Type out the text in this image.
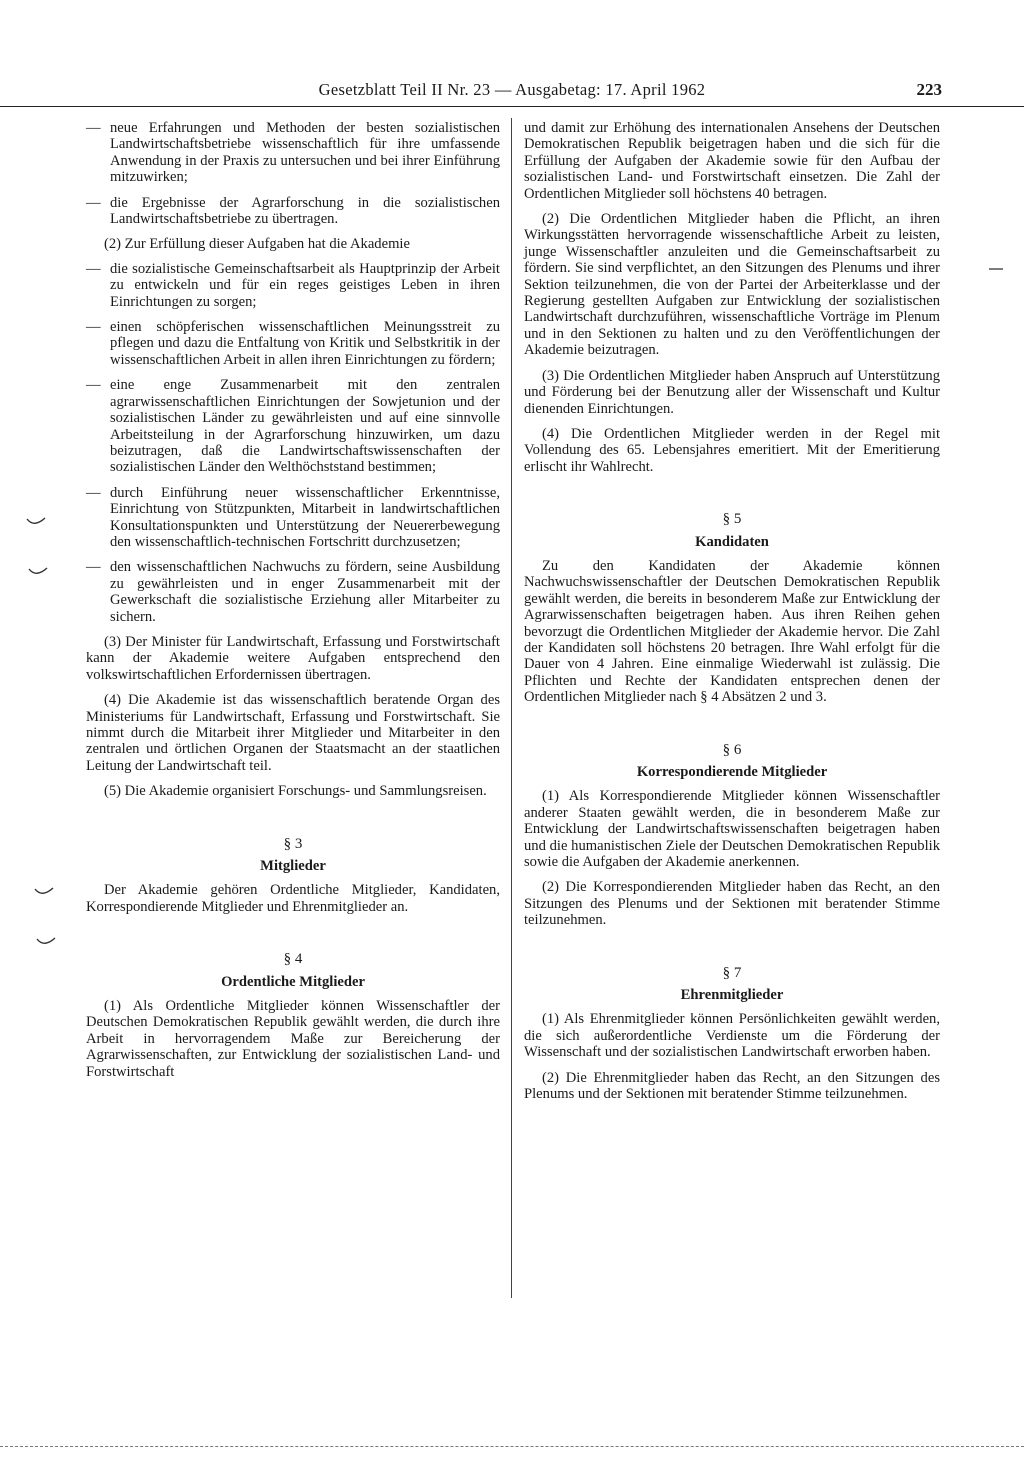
Gesetzblatt Teil II Nr. 23 — Ausgabetag: 17. April 1962	223
— neue Erfahrungen und Methoden der besten sozialistischen Landwirtschaftsbetriebe wissenschaftlich für ihre umfassende Anwendung in der Praxis zu untersuchen und bei ihrer Einführung mitzuwirken;
— die Ergebnisse der Agrarforschung in die sozialistischen Landwirtschaftsbetriebe zu übertragen.

(2) Zur Erfüllung dieser Aufgaben hat die Akademie

— die sozialistische Gemeinschaftsarbeit als Hauptprinzip der Arbeit zu entwickeln und für ein reges geistiges Leben in ihren Einrichtungen zu sorgen;
— einen schöpferischen wissenschaftlichen Meinungsstreit zu pflegen und dazu die Entfaltung von Kritik und Selbstkritik in der wissenschaftlichen Arbeit in allen ihren Einrichtungen zu fördern;
— eine enge Zusammenarbeit mit den zentralen agrarwissenschaftlichen Einrichtungen der Sowjetunion und der sozialistischen Länder zu gewährleisten und auf eine sinnvolle Arbeitsteilung in der Agrarforschung hinzuwirken, um dazu beizutragen, daß die Landwirtschaftswissenschaften der sozialistischen Länder den Welthöchststand bestimmen;
— durch Einführung neuer wissenschaftlicher Erkenntnisse, Einrichtung von Stützpunkten, Mitarbeit in landwirtschaftlichen Konsultationspunkten und Unterstützung der Neuererbewegung den wissenschaftlich-technischen Fortschritt durchzusetzen;
— den wissenschaftlichen Nachwuchs zu fördern, seine Ausbildung zu gewährleisten und in enger Zusammenarbeit mit der Gewerkschaft die sozialistische Erziehung aller Mitarbeiter zu sichern.

(3) Der Minister für Landwirtschaft, Erfassung und Forstwirtschaft kann der Akademie weitere Aufgaben entsprechend den volkswirtschaftlichen Erfordernissen übertragen.

(4) Die Akademie ist das wissenschaftlich beratende Organ des Ministeriums für Landwirtschaft, Erfassung und Forstwirtschaft. Sie nimmt durch die Mitarbeit ihrer Mitglieder und Mitarbeiter in den zentralen und örtlichen Organen der Staatsmacht an der staatlichen Leitung der Landwirtschaft teil.

(5) Die Akademie organisiert Forschungs- und Sammlungsreisen.

§ 3
Mitglieder

Der Akademie gehören Ordentliche Mitglieder, Kandidaten, Korrespondierende Mitglieder und Ehrenmitglieder an.

§ 4
Ordentliche Mitglieder

(1) Als Ordentliche Mitglieder können Wissenschaftler der Deutschen Demokratischen Republik gewählt werden, die durch ihre Arbeit in hervorragendem Maße zur Bereicherung der Agrarwissenschaften, zur Entwicklung der sozialistischen Land- und Forstwirtschaft

und damit zur Erhöhung des internationalen Ansehens der Deutschen Demokratischen Republik beigetragen haben und die sich für die Erfüllung der Aufgaben der Akademie sowie für den Aufbau der sozialistischen Land- und Forstwirtschaft einsetzen. Die Zahl der Ordentlichen Mitglieder soll höchstens 40 betragen.

(2) Die Ordentlichen Mitglieder haben die Pflicht, an ihren Wirkungsstätten hervorragende wissenschaftliche Arbeit zu leisten, junge Wissenschaftler anzuleiten und die Gemeinschaftsarbeit zu fördern. Sie sind verpflichtet, an den Sitzungen des Plenums und ihrer Sektion teilzunehmen, die von der Partei der Arbeiterklasse und der Regierung gestellten Aufgaben zur Entwicklung der sozialistischen Landwirtschaft durchzuführen, wissenschaftliche Vorträge im Plenum und in den Sektionen zu halten und zu den Veröffentlichungen der Akademie beizutragen.

(3) Die Ordentlichen Mitglieder haben Anspruch auf Unterstützung und Förderung bei der Benutzung aller der Wissenschaft und Kultur dienenden Einrichtungen.

(4) Die Ordentlichen Mitglieder werden in der Regel mit Vollendung des 65. Lebensjahres emeritiert. Mit der Emeritierung erlischt ihr Wahlrecht.

§ 5
Kandidaten

Zu den Kandidaten der Akademie können Nachwuchswissenschaftler der Deutschen Demokratischen Republik gewählt werden, die bereits in besonderem Maße zur Entwicklung der Agrarwissenschaften beigetragen haben. Aus ihren Reihen gehen bevorzugt die Ordentlichen Mitglieder der Akademie hervor. Die Zahl der Kandidaten soll höchstens 20 betragen. Ihre Wahl erfolgt für die Dauer von 4 Jahren. Eine einmalige Wiederwahl ist zulässig. Die Pflichten und Rechte der Kandidaten entsprechen denen der Ordentlichen Mitglieder nach § 4 Absätzen 2 und 3.

§ 6
Korrespondierende Mitglieder

(1) Als Korrespondierende Mitglieder können Wissenschaftler anderer Staaten gewählt werden, die in besonderem Maße zur Entwicklung der Landwirtschaftswissenschaften beigetragen haben und die humanistischen Ziele der Deutschen Demokratischen Republik sowie die Aufgaben der Akademie anerkennen.

(2) Die Korrespondierenden Mitglieder haben das Recht, an den Sitzungen des Plenums und der Sektionen mit beratender Stimme teilzunehmen.

§ 7
Ehrenmitglieder

(1) Als Ehrenmitglieder können Persönlichkeiten gewählt werden, die sich außerordentliche Verdienste um die Förderung der Wissenschaft und der sozialistischen Landwirtschaft erworben haben.

(2) Die Ehrenmitglieder haben das Recht, an den Sitzungen des Plenums und der Sektionen mit beratender Stimme teilzunehmen.
